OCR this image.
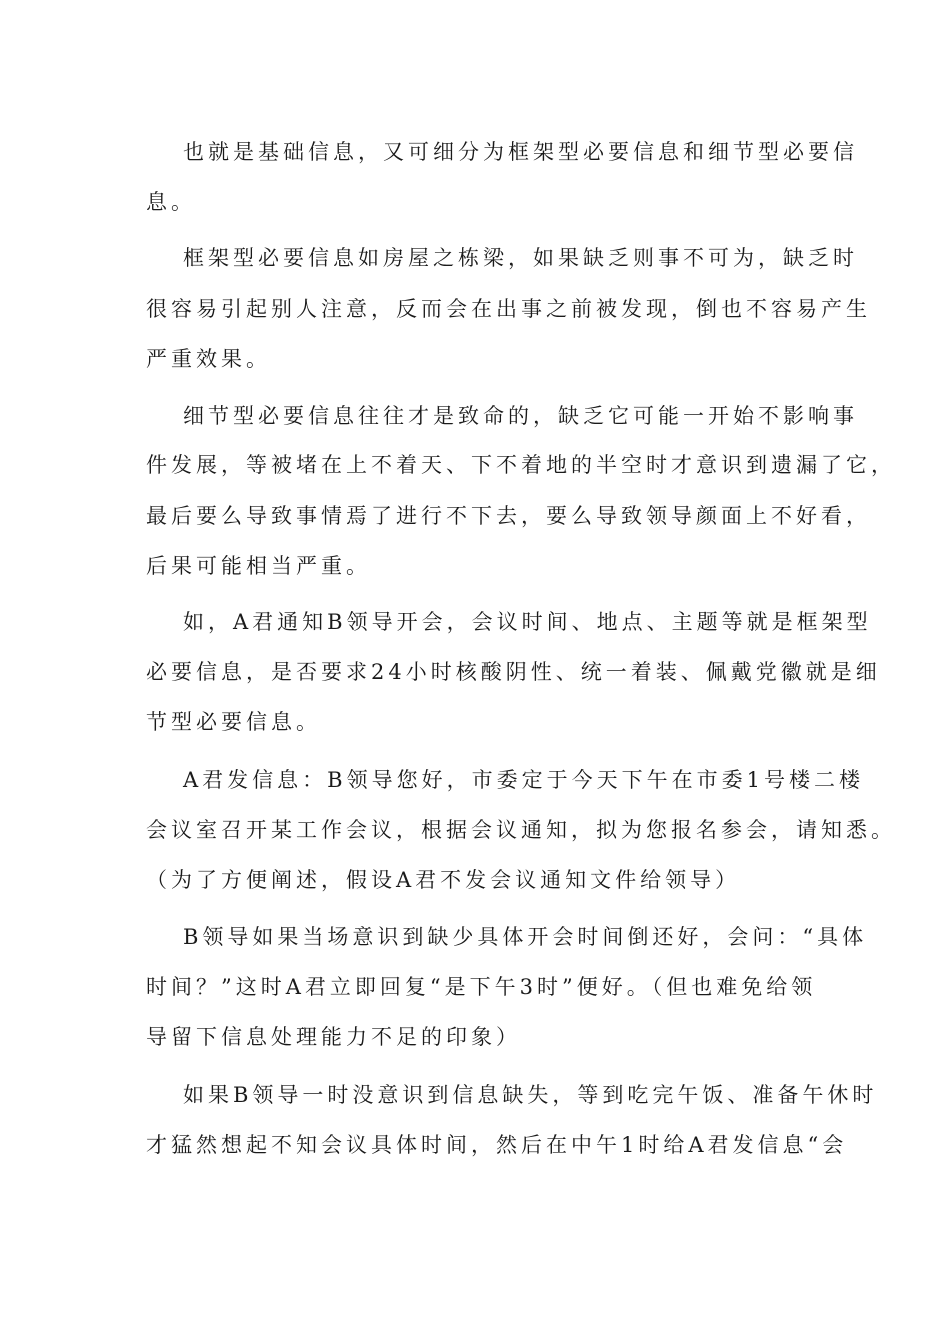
也就是基础信息，又可细分为框架型必要信息和细节型必要信
息。
框架型必要信息如房屋之栋梁，如果缺乏则事不可为，缺乏时
很容易引起别人注意，反而会在出事之前被发现，倒也不容易产生
严重效果。
细节型必要信息往往才是致命的，缺乏它可能一开始不影响事
件发展，等被堵在上不着天、下不着地的半空时才意识到遗漏了它，
最后要么导致事情焉了进行不下去，要么导致领导颜面上不好看，
后果可能相当严重。
如，A君通知B领导开会，会议时间、地点、主题等就是框架型
必要信息，是否要求24小时核酸阴性、统一着装、佩戴党徽就是细
节型必要信息。
A君发信息：B领导您好，市委定于今天下午在市委1号楼二楼
会议室召开某工作会议，根据会议通知，拟为您报名参会，请知悉。
（为了方便阐述，假设A君不发会议通知文件给领导）
B领导如果当场意识到缺少具体开会时间倒还好，会问：“具体
时间？”这时A君立即回复“是下午3时”便好。（但也难免给领
导留下信息处理能力不足的印象）
如果B领导一时没意识到信息缺失，等到吃完午饭、准备午休时
才猛然想起不知会议具体时间，然后在中午1时给A君发信息“会
